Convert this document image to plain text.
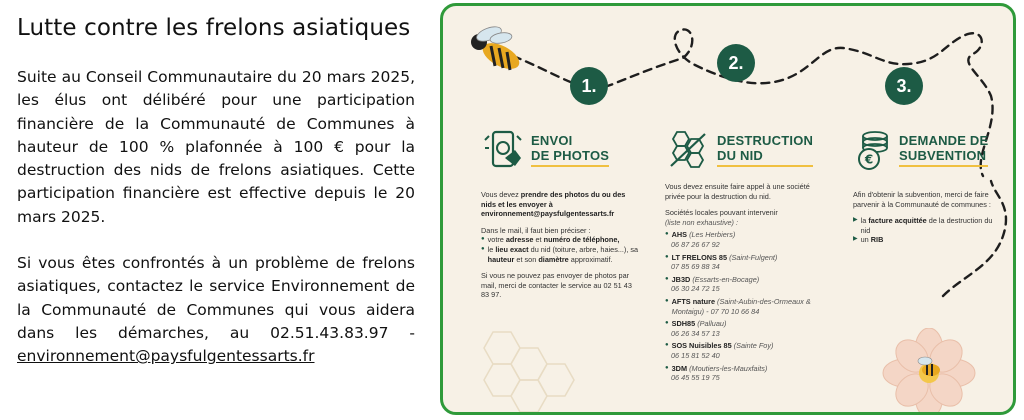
Lutte contre les frelons asiatiques

Suite au Conseil Communautaire du 20 mars 2025, les élus ont délibéré pour une participation financière de la Communauté de Communes à hauteur de 100 % plafonnée à 100 € pour la destruction des nids de frelons asiatiques. Cette participation financière est effective depuis le 20 mars 2025.

Si vous êtes confrontés à un problème de frelons asiatiques, contactez le service Environnement de la Communauté de Communes qui vous aidera dans les démarches, au 02.51.43.83.97 - environnement@paysfulgentessarts.fr

1.
2.
3.
ENVOI
DE PHOTOS
Vous devez prendre des photos du ou des nids et les envoyer à environnement@paysfulgentessarts.fr
Dans le mail, il faut bien préciser :
● votre adresse et numéro de téléphone,
● le lieu exact du nid (toiture, arbre, haies...), sa hauteur et son diamètre approximatif.
Si vous ne pouvez pas envoyer de photos par mail, merci de contacter le service au 02 51 43 83 97.
DESTRUCTION
DU NID
Vous devez ensuite faire appel à une société privée pour la destruction du nid.
Sociétés locales pouvant intervenir
(liste non exhaustive) :
● AHS (Les Herbiers)
06 87 26 67 92
● LT FRELONS 85 (Saint-Fulgent)
07 85 69 88 34
● JB3D (Essarts-en-Bocage)
06 30 24 72 15
● AFTS nature (Saint-Aubin-des-Ormeaux & Montaigu) - 07 70 10 66 84
● SDH85 (Palluau)
06 26 34 57 13
● SOS Nuisibles 85 (Sainte Foy)
06 15 81 52 40
● 3DM (Moutiers-les-Mauxfaits)
06 45 55 19 75
€
DEMANDE DE
SUBVENTION
Afin d'obtenir la subvention, merci de faire parvenir à la Communauté de communes :
▶ la facture acquittée de la destruction du nid
▶ un RIB
